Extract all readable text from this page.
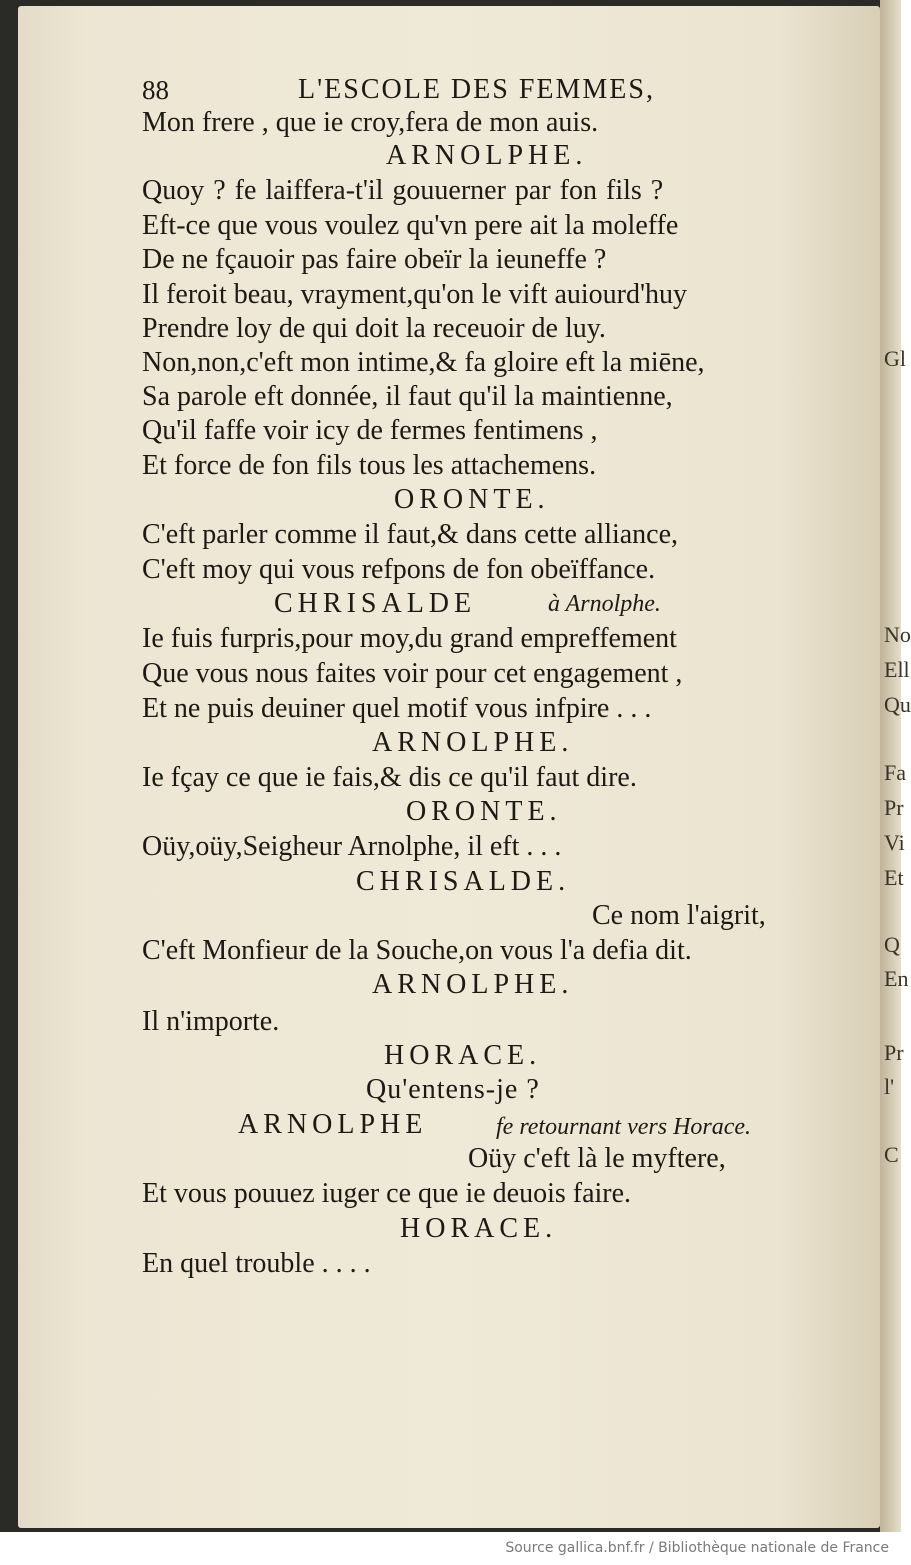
Gl
No
Ell
Qu
Fa
Pr
Vi
Et
Q
En
Pr
l'
C
88	L'ESCOLE DES FEMMES,
Mon frere , que ie croy,fera de mon auis.
ARNOLPHE.
Quoy ? fe laiffera-t'il gouuerner par fon fils ?
Eft-ce que vous voulez qu'vn pere ait la moleffe
De ne fçauoir pas faire obeïr la ieuneffe ?
Il feroit beau, vrayment,qu'on le vift auiourd'huy
Prendre loy de qui doit la receuoir de luy.
Non,non,c'eft mon intime,& fa gloire eft la miēne,
Sa parole eft donnée, il faut qu'il la maintienne,
Qu'il faffe voir icy de fermes fentimens ,
Et force de fon fils tous les attachemens.
ORONTE.
C'eft parler comme il faut,& dans cette alliance,
C'eft moy qui vous refpons de fon obeïffance.
CHRISALDE	à Arnolphe.
Ie fuis furpris,pour moy,du grand empreffement
Que vous nous faites voir pour cet engagement ,
Et ne puis deuiner quel motif vous infpire . . .
ARNOLPHE.
Ie fçay ce que ie fais,& dis ce qu'il faut dire.
ORONTE.
Oüy,oüy,Seigheur Arnolphe, il eft . . .
CHRISALDE.
Ce nom l'aigrit,
C'eft Monfieur de la Souche,on vous l'a defia dit.
ARNOLPHE.
Il n'importe.
HORACE.
Qu'entens-je ?
ARNOLPHE	fe retournant vers Horace.
Oüy c'eft là le myftere,
Et vous pouuez iuger ce que ie deuois faire.
HORACE.
En quel trouble . . . .
Source gallica.bnf.fr / Bibliothèque nationale de France
